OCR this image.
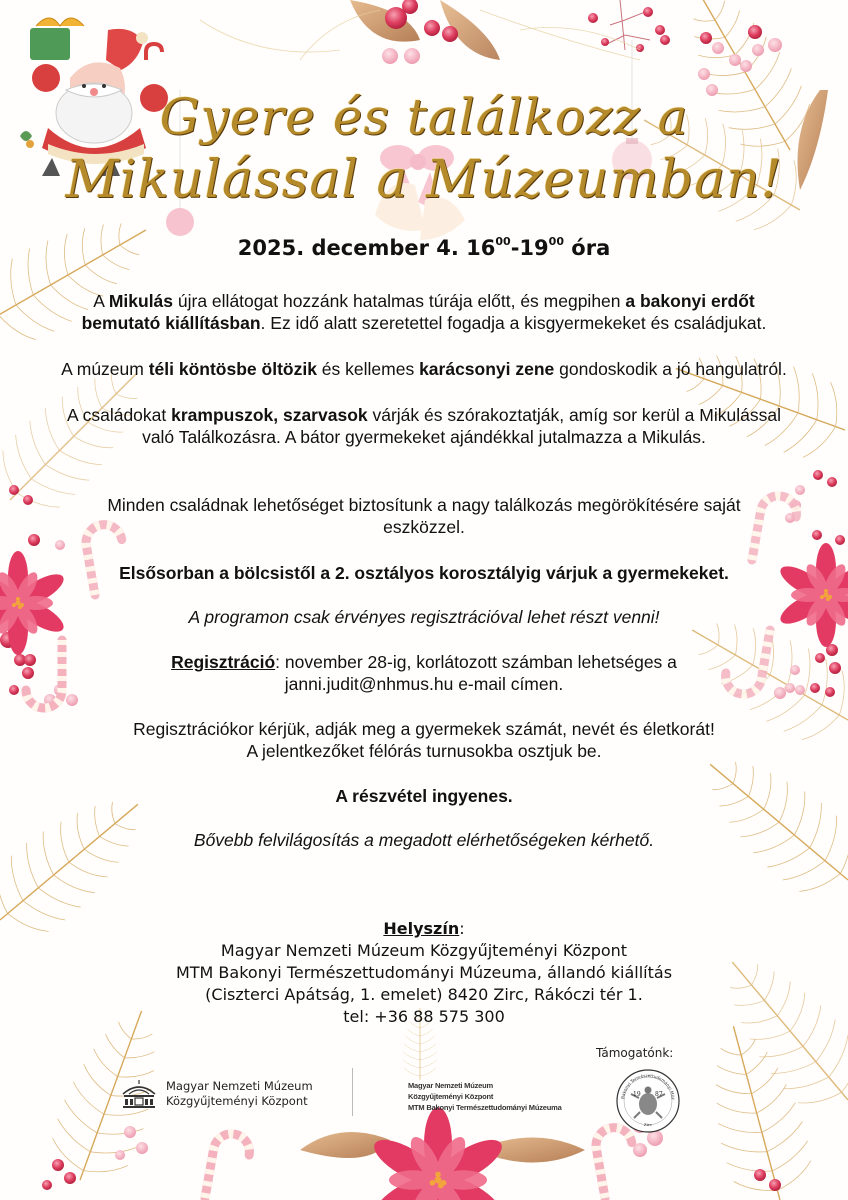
Gyere és találkozz a
Mikulással a Múzeumban!
2025. december 4. $16^{00}-19^{00}$ óra
A Mikulás újra ellátogat hozzánk hatalmas túrája előtt, és megpihen a bakonyi erdőt bemutató kiállításban. Ez idő alatt szeretettel fogadja a kisgyermekeket és családjukat.
A múzeum téli köntösbe öltözik és kellemes karácsonyi zene gondoskodik a jó hangulatról.
A családokat krampuszok, szarvasok várják és szórakoztatják, amíg sor kerül a Mikulással való Találkozásra. A bátor gyermekeket ajándékkal jutalmazza a Mikulás.
Minden családnak lehetőséget biztosítunk a nagy találkozás megörökítésére saját eszközzel.
Elsősorban a bölcsistől a 2. osztályos korosztályig várjuk a gyermekeket.
A programon csak érvényes regisztrációval lehet részt venni!
Regisztráció: november 28-ig, korlátozott számban lehetséges a
janni.judit@nhmus.hu e-mail címen.
Regisztrációkor kérjük, adják meg a gyermekek számát, nevét és életkorát!
A jelentkezőket félórás turnusokba osztjuk be.
A részvétel ingyenes.
Bővebb felvilágosítás a megadott elérhetőségeken kérhető.
Helyszín:
Magyar Nemzeti Múzeum Közgyűjteményi Központ
MTM Bakonyi Természettudományi Múzeuma, állandó kiállítás
(Ciszterci Apátság, 1. emelet) 8420 Zirc, Rákóczi tér 1.
tel: +36 88 575 300
Magyar Nemzeti Múzeum
Közgyűjteményi Központ
Magyar Nemzeti Múzeum
Közgyűjteményi Központ
MTM Bakonyi Természettudományi Múzeuma
Támogatónk:
Bakonyi Természettudományi Múz
19 87
Zirc
